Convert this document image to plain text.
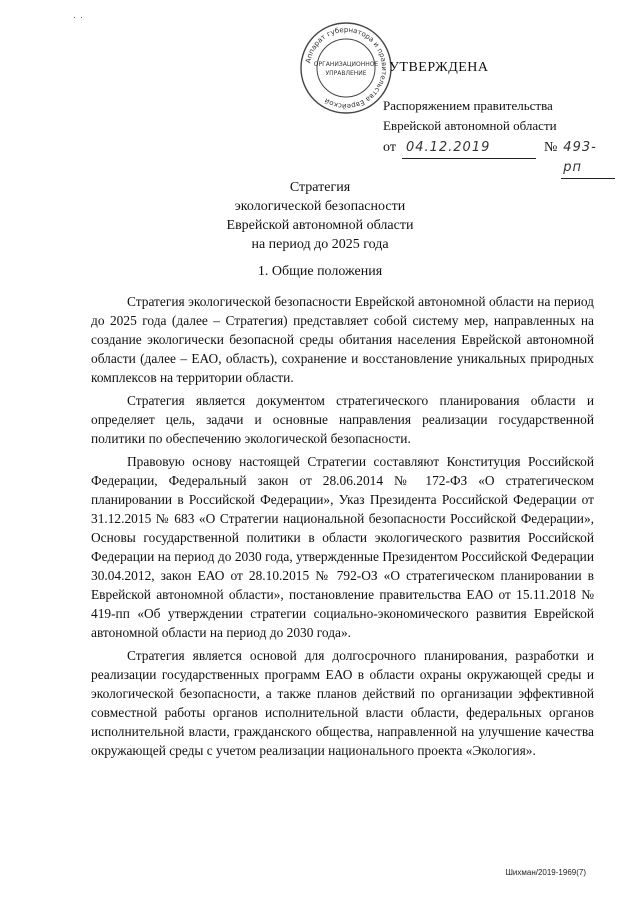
٠ ٠
Аппарат губернатора и правительства Еврейской
ОРГАНИЗАЦИОННОЕ
УПРАВЛЕНИЕ УТВЕРЖДЕНА
Распоряжением правительства
Еврейской автономной области
от 04.12.2019	№ 493-рп
Стратегия
экологической безопасности
Еврейской автономной области
на период до 2025 года
1. Общие положения

Стратегия экологической безопасности Еврейской автономной области на период до 2025 года (далее – Стратегия) представляет собой систему мер, направленных на создание экологически безопасной среды обитания населения Еврейской автономной области (далее – ЕАО, область), сохранение и восстановление уникальных природных комплексов на территории области.

Стратегия является документом стратегического планирования области и определяет цель, задачи и основные направления реализации государственной политики по обеспечению экологической безопасности.

Правовую основу настоящей Стратегии составляют Конституция Российской Федерации, Федеральный закон от 28.06.2014 № 172-ФЗ «О стратегическом планировании в Российской Федерации», Указ Президента Российской Федерации от 31.12.2015 № 683 «О Стратегии национальной безопасности Российской Федерации», Основы государственной политики в области экологического развития Российской Федерации на период до 2030 года, утвержденные Президентом Российской Федерации 30.04.2012, закон ЕАО от 28.10.2015 № 792-ОЗ «О стратегическом планировании в Еврейской автономной области», постановление правительства ЕАО от 15.11.2018 № 419-пп «Об утверждении стратегии социально-экономического развития Еврейской автономной области на период до 2030 года».

Стратегия является основой для долгосрочного планирования, разработки и реализации государственных программ ЕАО в области охраны окружающей среды и экологической безопасности, а также планов действий по организации эффективной совместной работы органов исполнительной власти области, федеральных органов исполнительной власти, гражданского общества, направленной на улучшение качества окружающей среды с учетом реализации национального проекта «Экология».

Шихман/2019-1969(7)
